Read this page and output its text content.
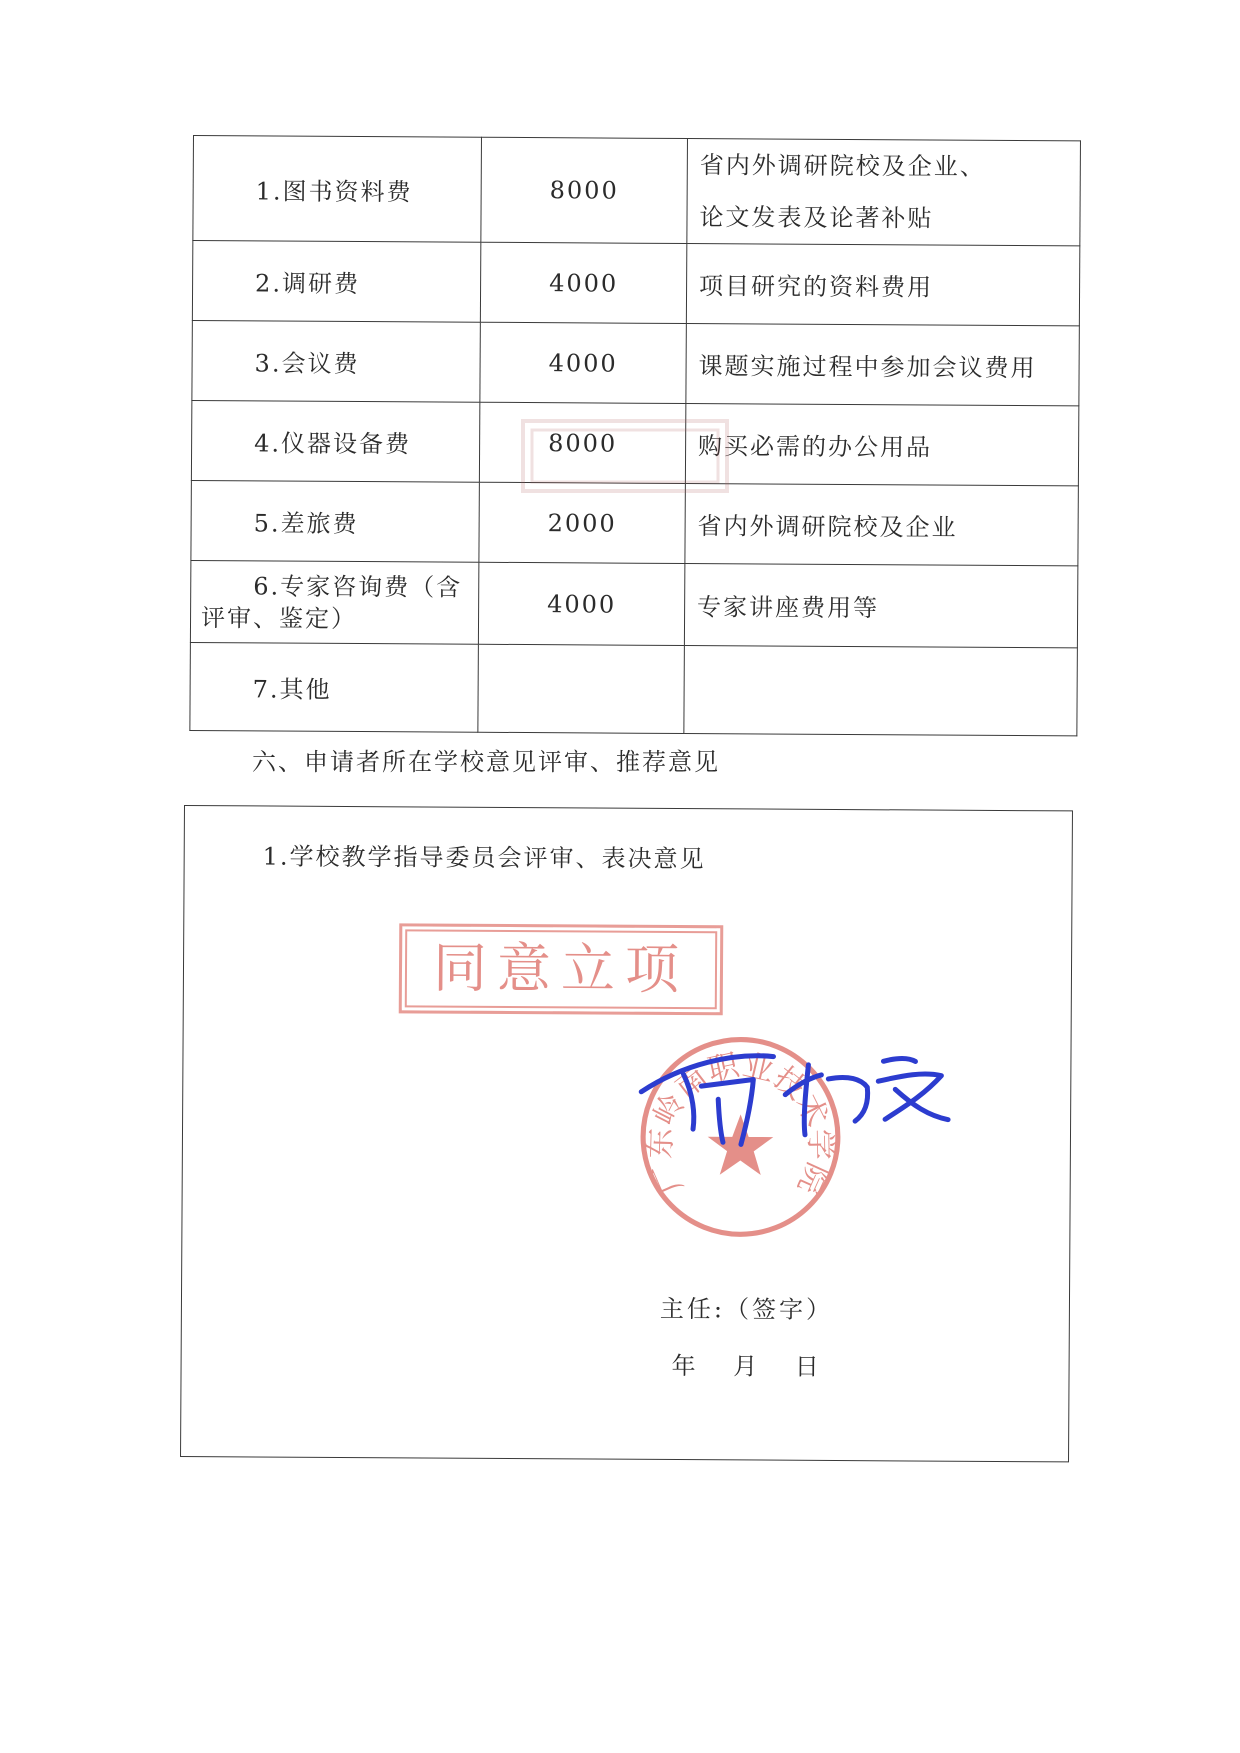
1.图书资料费	8000	省内外调研院校及企业、
论文发表及论著补贴

2.调研费	4000	项目研究的资料费用

3.会议费	4000	课题实施过程中参加会议费用

4.仪器设备费	8000	购买必需的办公用品

5.差旅费	2000	省内外调研院校及企业

6.专家咨询费（含评审、鉴定）	4000	专家讲座费用等

7.其他		

六、申请者所在学校意见评审、推荐意见
1.学校教学指导委员会评审、表决意见
同意立项
广东岭南职业技术学院
主任:（签字）
年 月 日
